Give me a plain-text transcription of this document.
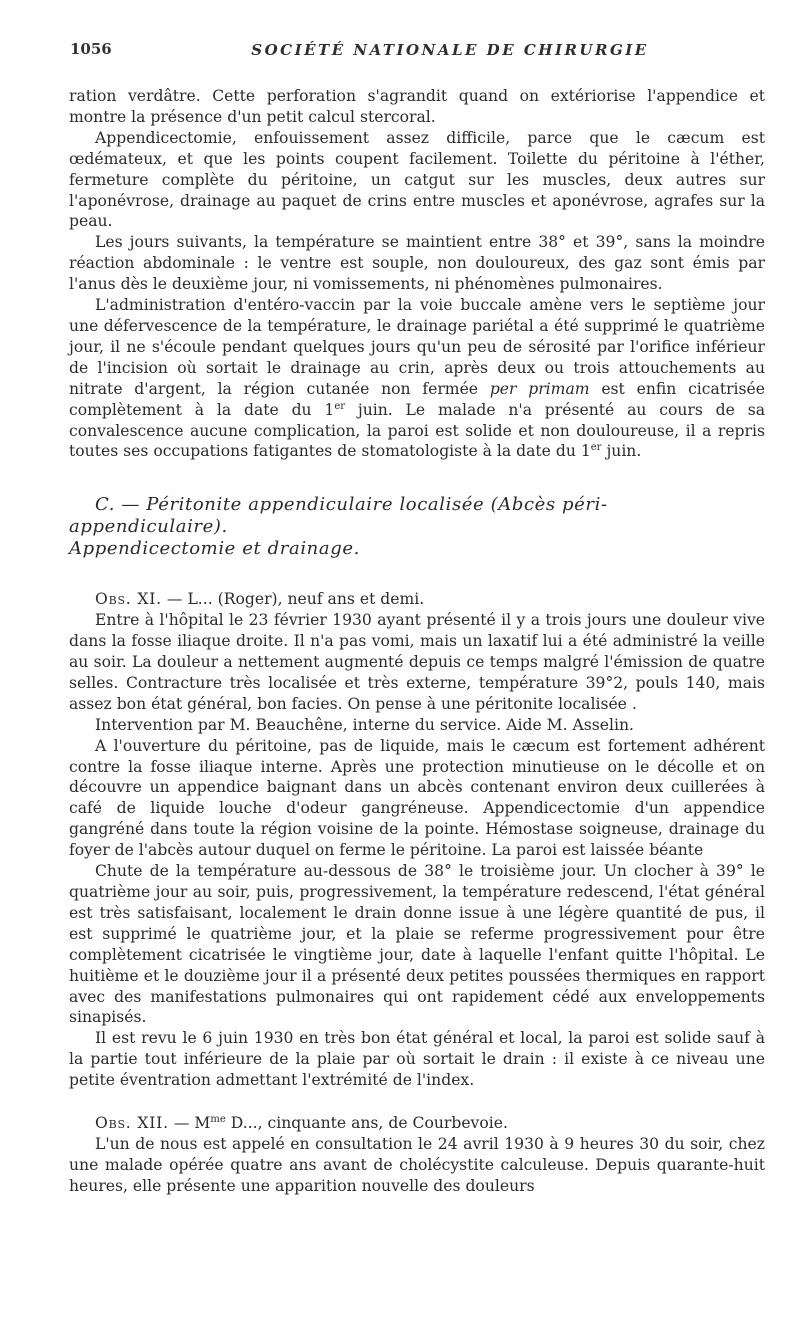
1056	SOCIÉTÉ NATIONALE DE CHIRURGIE

ration verdâtre. Cette perforation s'agrandit quand on extériorise l'appendice et montre la présence d'un petit calcul stercoral.

Appendicectomie, enfouissement assez difficile, parce que le cæcum est œdémateux, et que les points coupent facilement. Toilette du péritoine à l'éther, fermeture complète du péritoine, un catgut sur les muscles, deux autres sur l'aponévrose, drainage au paquet de crins entre muscles et aponévrose, agrafes sur la peau.

Les jours suivants, la température se maintient entre 38° et 39°, sans la moindre réaction abdominale : le ventre est souple, non douloureux, des gaz sont émis par l'anus dès le deuxième jour, ni vomissements, ni phénomènes pulmonaires.

L'administration d'entéro-vaccin par la voie buccale amène vers le septième jour une défervescence de la température, le drainage pariétal a été supprimé le quatrième jour, il ne s'écoule pendant quelques jours qu'un peu de sérosité par l'orifice inférieur de l'incision où sortait le drainage au crin, après deux ou trois attouchements au nitrate d'argent, la région cutanée non fermée per primam est enfin cicatrisée complètement à la date du 1er juin. Le malade n'a présenté au cours de sa convalescence aucune complication, la paroi est solide et non douloureuse, il a repris toutes ses occupations fatigantes de stomatologiste à la date du 1er juin.

C. — Péritonite appendiculaire localisée (Abcès péri-appendiculaire).
Appendicectomie et drainage.

Obs. XI. — L... (Roger), neuf ans et demi.

Entre à l'hôpital le 23 février 1930 ayant présenté il y a trois jours une douleur vive dans la fosse iliaque droite. Il n'a pas vomi, mais un laxatif lui a été administré la veille au soir. La douleur a nettement augmenté depuis ce temps malgré l'émission de quatre selles. Contracture très localisée et très externe, température 39°2, pouls 140, mais assez bon état général, bon facies. On pense à une péritonite localisée .

Intervention par M. Beauchêne, interne du service. Aide M. Asselin.

A l'ouverture du péritoine, pas de liquide, mais le cæcum est fortement adhérent contre la fosse iliaque interne. Après une protection minutieuse on le décolle et on découvre un appendice baignant dans un abcès contenant environ deux cuillerées à café de liquide louche d'odeur gangréneuse. Appendicectomie d'un appendice gangréné dans toute la région voisine de la pointe. Hémostase soigneuse, drainage du foyer de l'abcès autour duquel on ferme le péritoine. La paroi est laissée béante

Chute de la température au-dessous de 38° le troisième jour. Un clocher à 39° le quatrième jour au soir, puis, progressivement, la température redescend, l'état général est très satisfaisant, localement le drain donne issue à une légère quantité de pus, il est supprimé le quatrième jour, et la plaie se referme progressivement pour être complètement cicatrisée le vingtième jour, date à laquelle l'enfant quitte l'hôpital. Le huitième et le douzième jour il a présenté deux petites poussées thermiques en rapport avec des manifestations pulmonaires qui ont rapidement cédé aux enveloppements sinapisés.

Il est revu le 6 juin 1930 en très bon état général et local, la paroi est solide sauf à la partie tout inférieure de la plaie par où sortait le drain : il existe à ce niveau une petite éventration admettant l'extrémité de l'index.

Obs. XII. — $M^{me}$ D..., cinquante ans, de Courbevoie.

L'un de nous est appelé en consultation le 24 avril 1930 à 9 heures 30 du soir, chez une malade opérée quatre ans avant de cholécystite calculeuse. Depuis quarante-huit heures, elle présente une apparition nouvelle des douleurs
